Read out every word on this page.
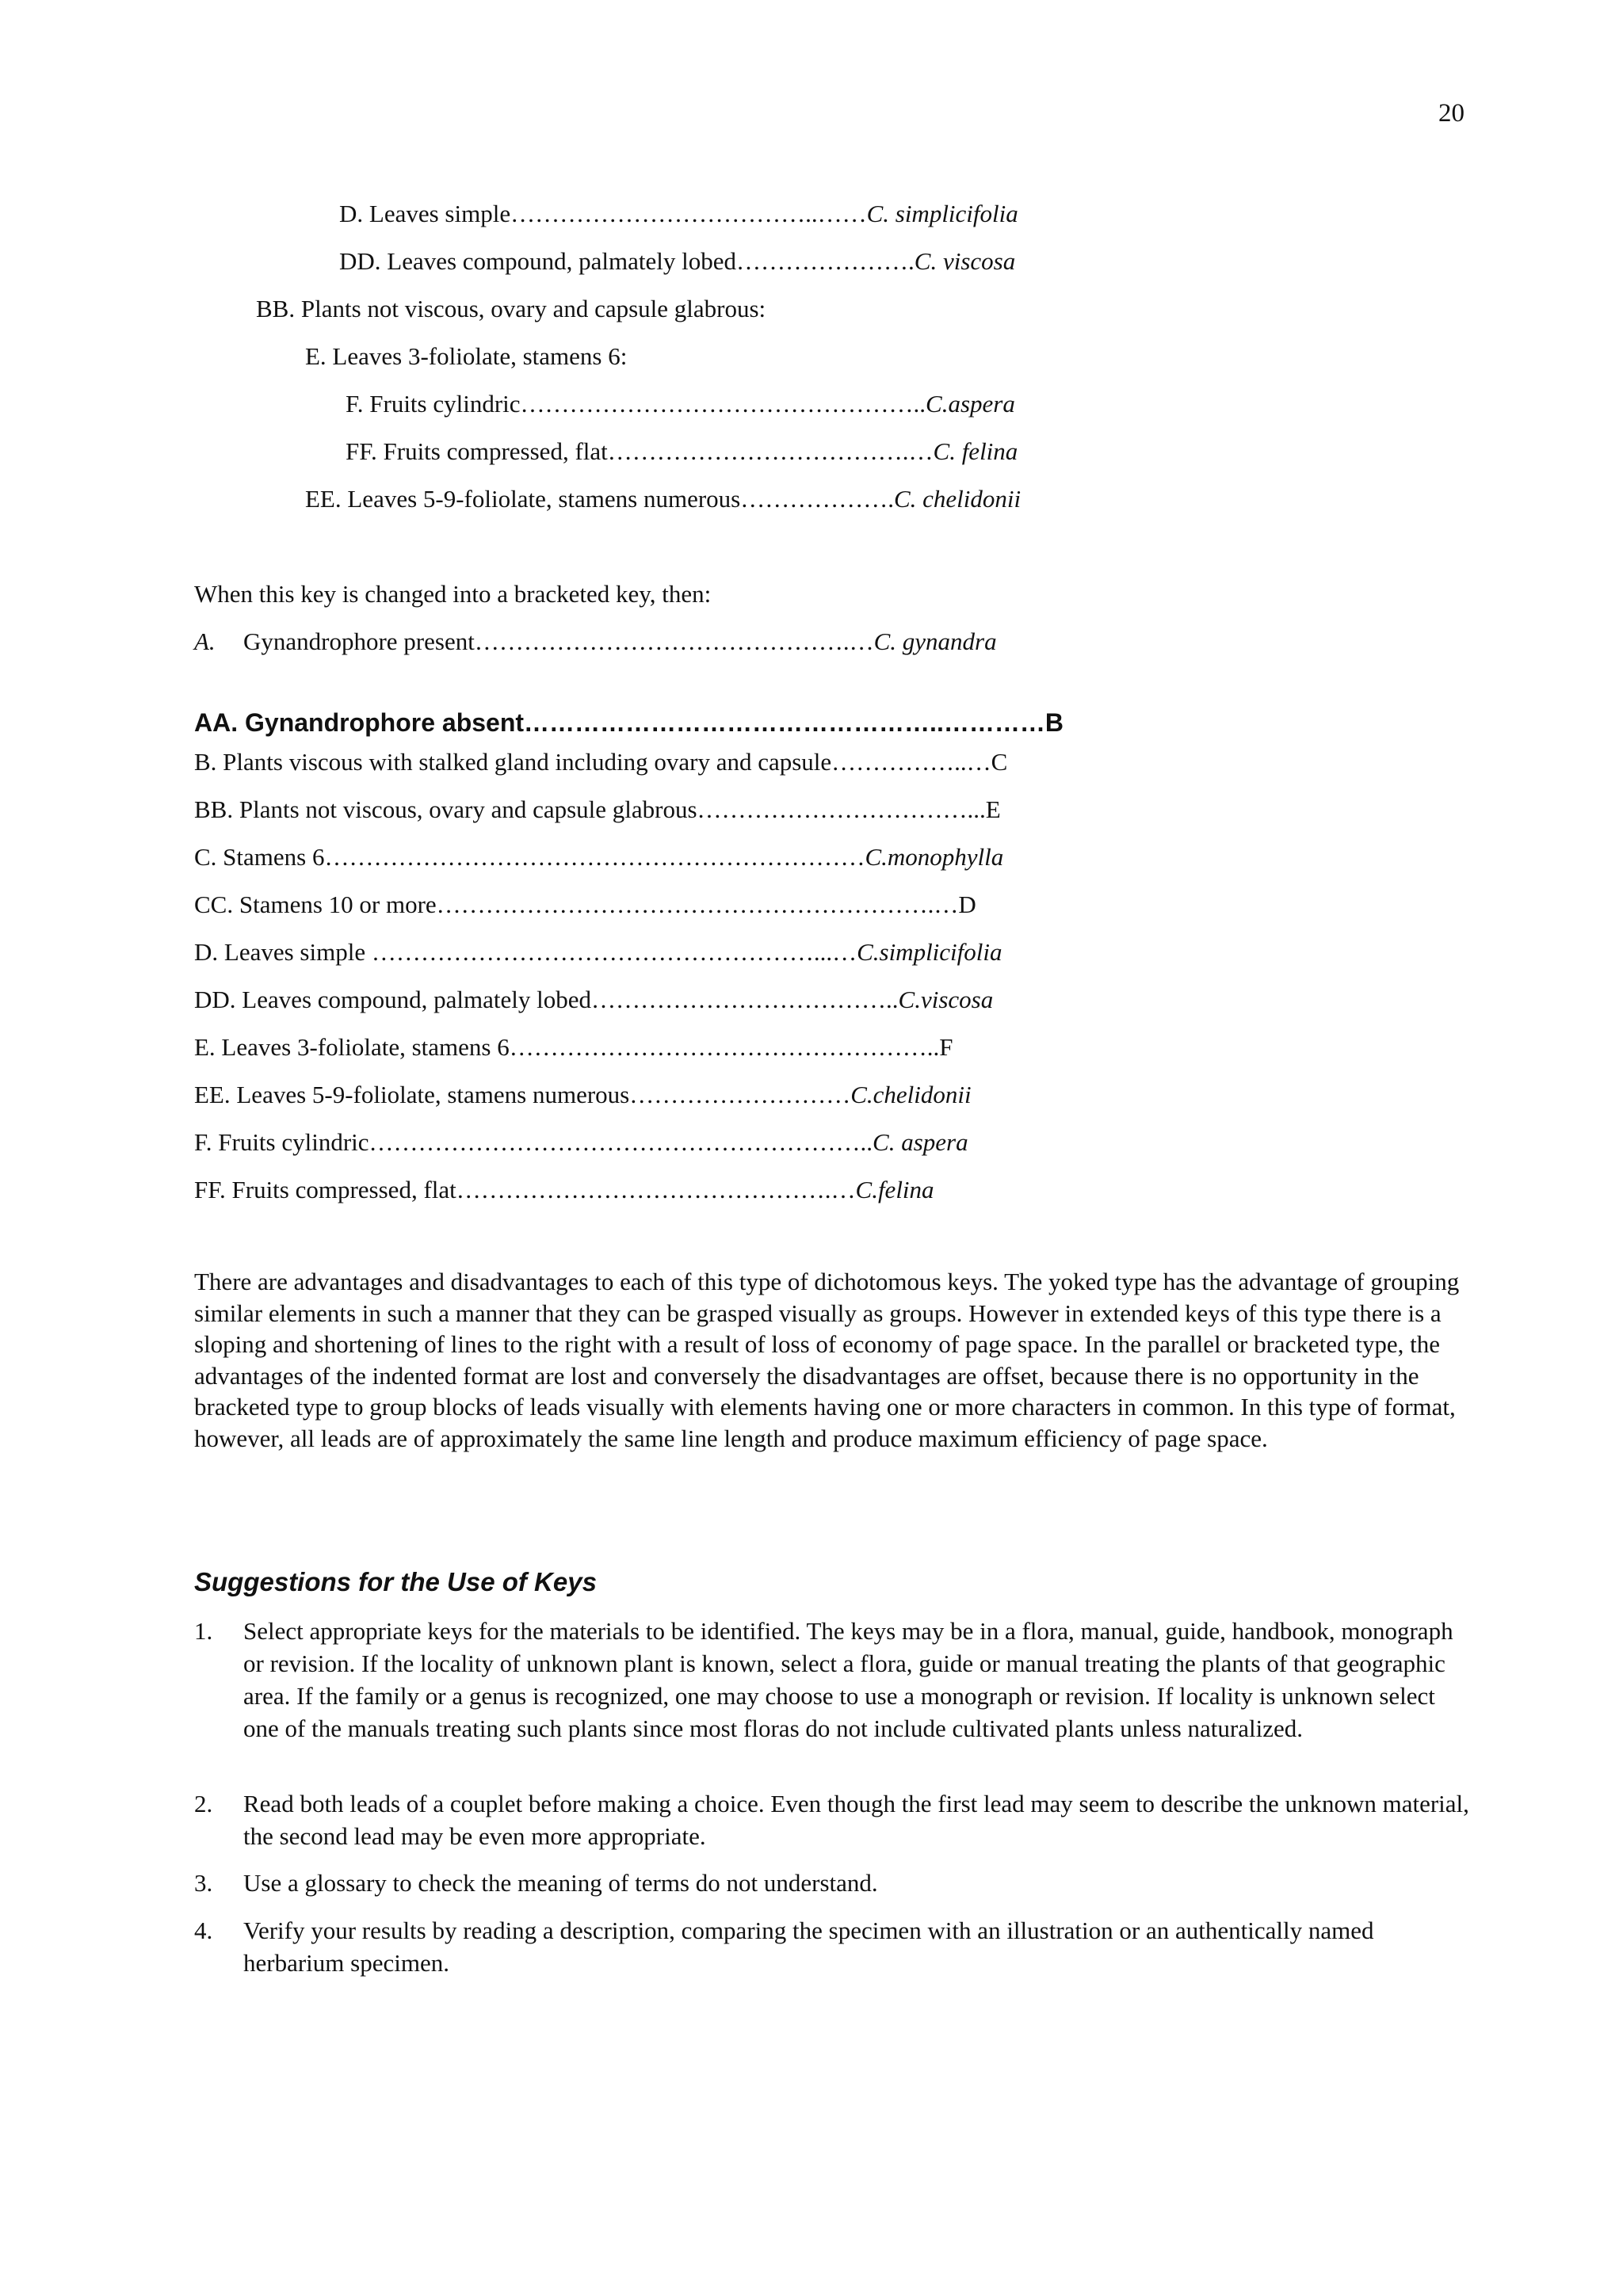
20
D. Leaves simple………………………………..……C. simplicifolia
DD. Leaves compound, palmately lobed………………….C. viscosa
BB. Plants not viscous, ovary and capsule glabrous:
E. Leaves 3-foliolate, stamens 6:
F. Fruits cylindric…………………………………………..C.aspera
FF. Fruits compressed, flat……………………………….…C. felina
EE. Leaves 5-9-foliolate, stamens numerous……………….C. chelidonii
When this key is changed into a bracketed key, then:
A. Gynandrophore present……………………………………….…C. gynandra
AA. Gynandrophore absent…………………………………………..…………B
B. Plants viscous with stalked gland including ovary and capsule……………..…C
BB. Plants not viscous, ovary and capsule glabrous……………………………...E
C. Stamens 6…………………………………………………………C.monophylla
CC. Stamens 10 or more…………………………………………………….…D
D. Leaves simple ………………………………………………...…C.simplicifolia
DD. Leaves compound, palmately lobed………………………………..C.viscosa
E. Leaves 3-foliolate, stamens 6……………………………………………..F
EE. Leaves 5-9-foliolate, stamens numerous………………………C.chelidonii
F. Fruits cylindric……………………………………………………..C. aspera
FF. Fruits compressed, flat……………………………………….…C.felina
There are advantages and disadvantages to each of this type of dichotomous keys. The yoked type has the advantage of grouping similar elements in such a manner that they can be grasped visually as groups. However in extended keys of this type there is a sloping and shortening of lines to the right with a result of loss of economy of page space. In the parallel or bracketed type, the advantages of the indented format are lost and conversely the disadvantages are offset, because there is no opportunity in the bracketed type to group blocks of leads visually with elements having one or more characters in common. In this type of format, however, all leads are of approximately the same line length and produce maximum efficiency of page space.
Suggestions for the Use of Keys
1.	Select appropriate keys for the materials to be identified. The keys may be in a flora, manual, guide, handbook, monograph or revision. If the locality of unknown plant is known, select a flora, guide or manual treating the plants of that geographic area. If the family or a genus is recognized, one may choose to use a monograph or revision. If locality is unknown select one of the manuals treating such plants since most floras do not include cultivated plants unless naturalized.
2.	Read both leads of a couplet before making a choice. Even though the first lead may seem to describe the unknown material, the second lead may be even more appropriate.
3.	Use a glossary to check the meaning of terms do not understand.
4.	Verify your results by reading a description, comparing the specimen with an illustration or an authentically named herbarium specimen.
